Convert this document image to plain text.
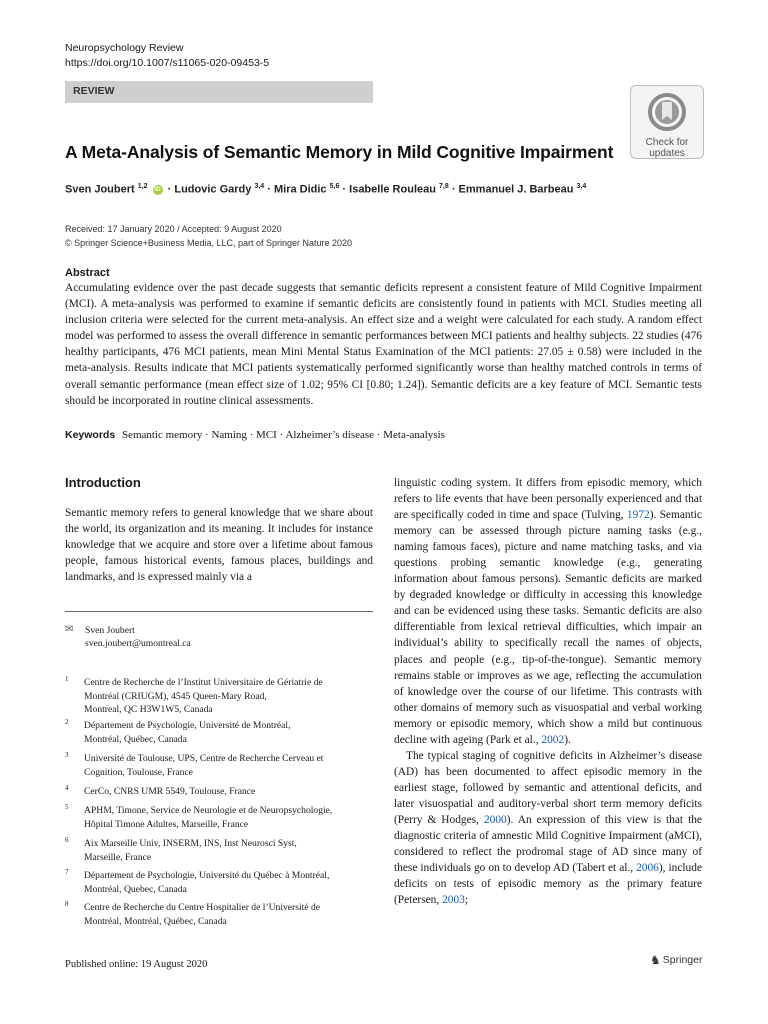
Neuropsychology Review
https://doi.org/10.1007/s11065-020-09453-5
REVIEW
Check for
updates
A Meta-Analysis of Semantic Memory in Mild Cognitive Impairment
Sven Joubert $^{1,2}$ iD · Ludovic Gardy $^{3,4}$ · Mira Didic $^{5,6}$ · Isabelle Rouleau $^{7,8}$ · Emmanuel J. Barbeau $^{3,4}$
Received: 17 January 2020 / Accepted: 9 August 2020
© Springer Science+Business Media, LLC, part of Springer Nature 2020
Abstract
Accumulating evidence over the past decade suggests that semantic deficits represent a consistent feature of Mild Cognitive Impairment (MCI). A meta-analysis was performed to examine if semantic deficits are consistently found in patients with MCI. Studies meeting all inclusion criteria were selected for the current meta-analysis. An effect size and a weight were calculated for each study. A random effect model was performed to assess the overall difference in semantic performances between MCI patients and healthy subjects. 22 studies (476 healthy participants, 476 MCI patients, mean Mini Mental Status Examination of the MCI patients: 27.05 ± 0.58) were included in the meta-analysis. Results indicate that MCI patients systematically performed significantly worse than healthy matched controls in terms of overall semantic performance (mean effect size of 1.02; 95% CI [0.80; 1.24]). Semantic deficits are a key feature of MCI. Semantic tests should be incorporated in routine clinical assessments.
Keywords Semantic memory · Naming · MCI · Alzheimer’s disease · Meta-analysis
Introduction
Semantic memory refers to general knowledge that we share about the world, its organization and its meaning. It includes for instance knowledge that we acquire and store over a lifetime about famous people, famous historical events, famous places, buildings and landmarks, and is expressed mainly via a
✉ Sven Joubert
sven.joubert@umontreal.ca
1 Centre de Recherche de l’Institut Universitaire de Gériatrie de
Montréal (CRIUGM), 4545 Queen-Mary Road,
Montreal, QC H3W1W5, Canada
2 Département de Psychologie, Université de Montréal,
Montréal, Québec, Canada
3 Université de Toulouse, UPS, Centre de Recherche Cerveau et
Cognition, Toulouse, France
4 CerCo, CNRS UMR 5549, Toulouse, France
5 APHM, Timone, Service de Neurologie et de Neuropsychologie,
Hôpital Timone Adultes, Marseille, France
6 Aix Marseille Univ, INSERM, INS, Inst Neurosci Syst,
Marseille, France
7 Département de Psychologie, Université du Québec à Montréal,
Montréal, Quebec, Canada
8 Centre de Recherche du Centre Hospitalier de l’Université de
Montréal, Montréal, Québec, Canada

linguistic coding system. It differs from episodic memory, which refers to life events that have been personally experienced and that are specifically coded in time and space (Tulving, 1972). Semantic memory can be assessed through picture naming tasks (e.g., naming famous faces), picture and name matching tasks, and via questions probing semantic knowledge (e.g., generating information about famous persons). Semantic deficits are marked by degraded knowledge or difficulty in accessing this knowledge and can be evidenced using these tasks. Semantic deficits are also differentiable from lexical retrieval difficulties, which impair an individual’s ability to specifically recall the names of objects, places and people (e.g., tip-of-the-tongue). Semantic memory remains stable or improves as we age, reflecting the accumulation of knowledge over the course of our lifetime. This contrasts with other domains of memory such as visuospatial and verbal working memory or episodic memory, which show a mild but continuous decline with ageing (Park et al., 2002).

The typical staging of cognitive deficits in Alzheimer’s disease (AD) has been documented to affect episodic memory in the earliest stage, followed by semantic and attentional deficits, and later visuospatial and auditory-verbal short term memory deficits (Perry & Hodges, 2000). An expression of this view is that the diagnostic criteria of amnestic Mild Cognitive Impairment (aMCI), considered to reflect the prodromal stage of AD since many of these individuals go on to develop AD (Tabert et al., 2006), include deficits on tests of episodic memory as the primary feature (Petersen, 2003;

Published online: 19 August 2020	♞ Springer
